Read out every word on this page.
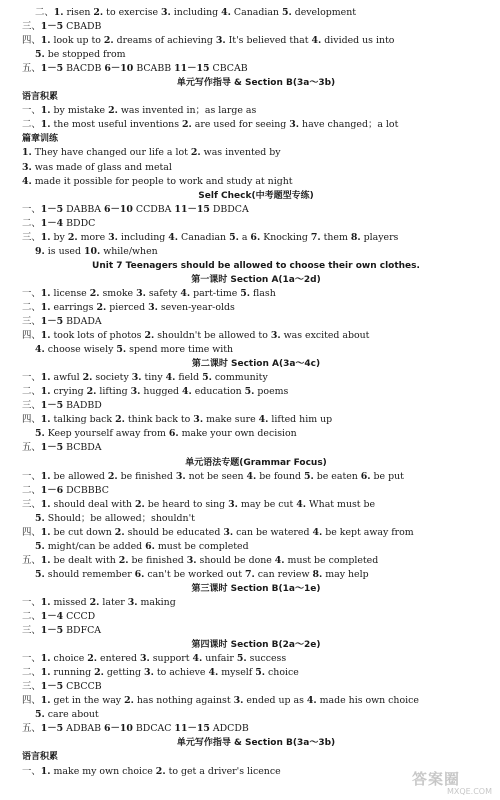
二、1. risen 2. to exercise 3. including 4. Canadian 5. development
三、1－5 CBADB
四、1. look up to 2. dreams of achieving 3. It's believed that 4. divided us into
5. be stopped from
五、1－5 BACDB 6－10 BCABB 11－15 CBCAB
单元写作指导 & Section B(3a～3b)
语言积累
一、1. by mistake 2. was invented in；as large as
二、1. the most useful inventions 2. are used for seeing 3. have changed；a lot
篇章训练
1. They have changed our life a lot 2. was invented by
3. was made of glass and metal
4. made it possible for people to work and study at night
Self Check(中考题型专练)
一、1－5 DABBA 6－10 CCDBA 11－15 DBDCA
二、1－4 BDDC
三、1. by 2. more 3. including 4. Canadian 5. a 6. Knocking 7. them 8. players
9. is used 10. while/when
Unit 7 Teenagers should be allowed to choose their own clothes.
第一课时 Section A(1a～2d)
一、1. license 2. smoke 3. safety 4. part-time 5. flash
二、1. earrings 2. pierced 3. seven-year-olds
三、1－5 BDADA
四、1. took lots of photos 2. shouldn't be allowed to 3. was excited about
4. choose wisely 5. spend more time with
第二课时 Section A(3a～4c)
一、1. awful 2. society 3. tiny 4. field 5. community
二、1. crying 2. lifting 3. hugged 4. education 5. poems
三、1－5 BADBD
四、1. talking back 2. think back to 3. make sure 4. lifted him up
5. Keep yourself away from 6. make your own decision
五、1－5 BCBDA
单元语法专题(Grammar Focus)
一、1. be allowed 2. be finished 3. not be seen 4. be found 5. be eaten 6. be put
二、1－6 DCBBBC
三、1. should deal with 2. be heard to sing 3. may be cut 4. What must be
5. Should；be allowed；shouldn't
四、1. be cut down 2. should be educated 3. can be watered 4. be kept away from
5. might/can be added 6. must be completed
五、1. be dealt with 2. be finished 3. should be done 4. must be completed
5. should remember 6. can't be worked out 7. can review 8. may help
第三课时 Section B(1a～1e)
一、1. missed 2. later 3. making
二、1－4 CCCD
三、1－5 BDFCA
第四课时 Section B(2a～2e)
一、1. choice 2. entered 3. support 4. unfair 5. success
二、1. running 2. getting 3. to achieve 4. myself 5. choice
三、1－5 CBCCB
四、1. get in the way 2. has nothing against 3. ended up as 4. made his own choice
5. care about
五、1－5 ADBAB 6－10 BDCAC 11－15 ADCDB
单元写作指导 & Section B(3a～3b)
语言积累
一、1. make my own choice 2. to get a driver's licence	答案圈
MXQE.COM
